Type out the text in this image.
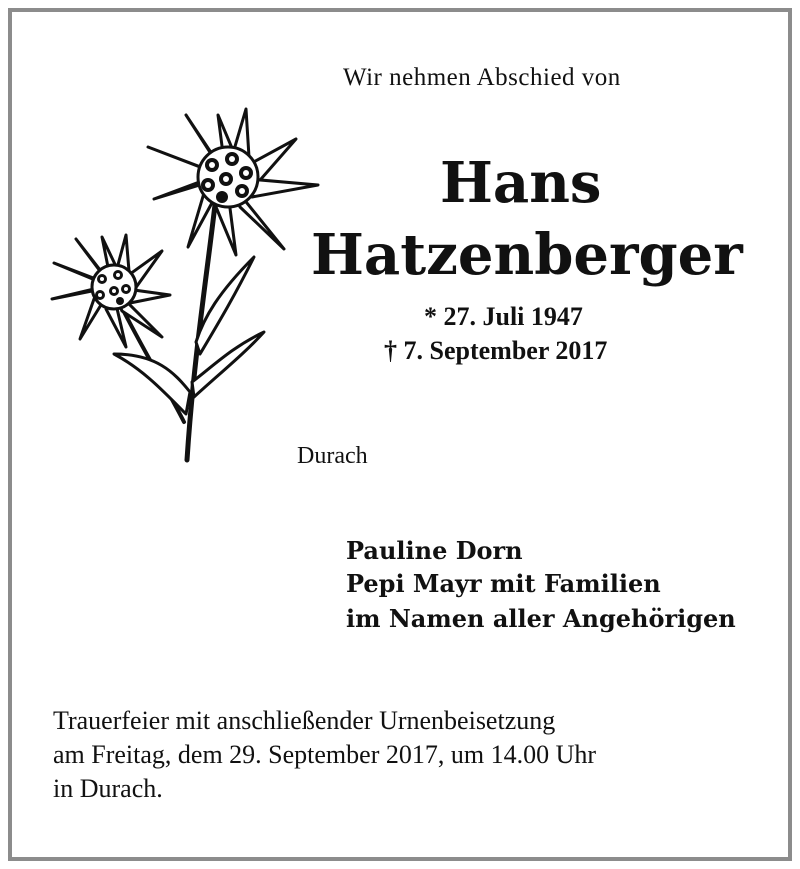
Wir nehmen Abschied von
Hans
Hatzenberger
* 27. Juli 1947
† 7. September 2017
Durach
Pauline Dorn
Pepi Mayr mit Familien
im Namen aller Angehörigen
Trauerfeier mit anschließender Urnenbeisetzung
am Freitag, dem 29. September 2017, um 14.00 Uhr
in Durach.
